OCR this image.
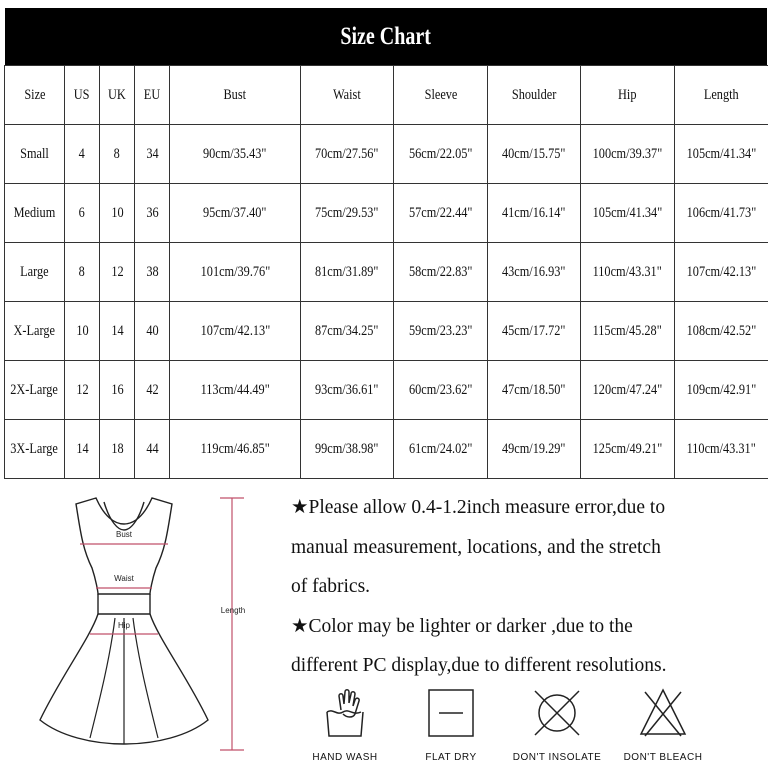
Size Chart
Size	US	UK	EU	Bust	Waist	Sleeve	Shoulder	Hip	Length
Small	4	8	34	90cm/35.43"	70cm/27.56"	56cm/22.05"	40cm/15.75"	100cm/39.37"	105cm/41.34"
Medium	6	10	36	95cm/37.40"	75cm/29.53"	57cm/22.44"	41cm/16.14"	105cm/41.34"	106cm/41.73"
Large	8	12	38	101cm/39.76"	81cm/31.89"	58cm/22.83"	43cm/16.93"	110cm/43.31"	107cm/42.13"
X-Large	10	14	40	107cm/42.13"	87cm/34.25"	59cm/23.23"	45cm/17.72"	115cm/45.28"	108cm/42.52"
2X-Large	12	16	42	113cm/44.49"	93cm/36.61"	60cm/23.62"	47cm/18.50"	120cm/47.24"	109cm/42.91"
3X-Large	14	18	44	119cm/46.85"	99cm/38.98"	61cm/24.02"	49cm/19.29"	125cm/49.21"	110cm/43.31"
Bust
Waist
Hip
Length

★Please allow 0.4-1.2inch measure error,due to

manual measurement, locations, and the stretch

of fabrics.

★Color may be lighter or darker ,due to the

different PC display,due to different resolutions.

HAND WASH	FLAT DRY	DON'T INSOLATE	DON'T BLEACH
